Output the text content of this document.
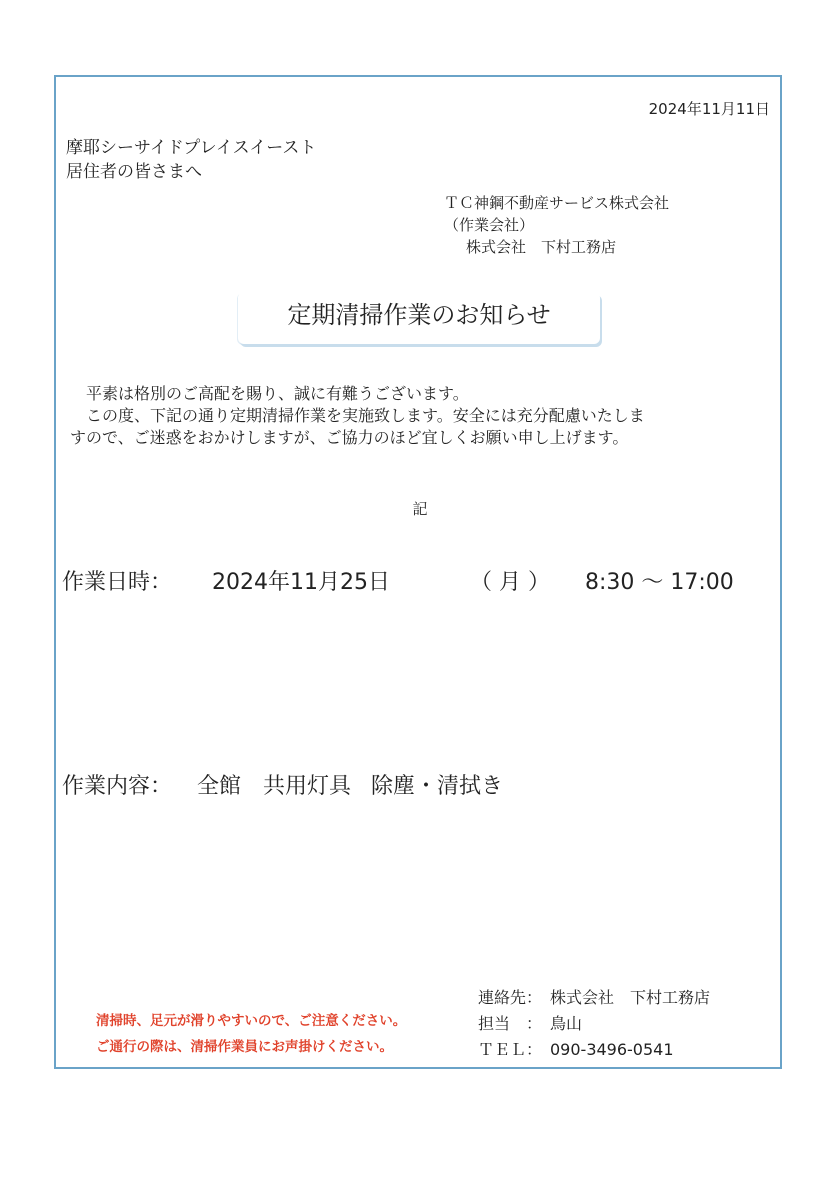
2024年11月11日
摩耶シーサイドプレイスイースト
居住者の皆さまへ
ＴＣ神鋼不動産サービス株式会社
（作業会社）
株式会社　下村工務店
定期清掃作業のお知らせ
平素は格別のご高配を賜り、誠に有難うございます。
この度、下記の通り定期清掃作業を実施致します。安全には充分配慮いたしま
すので、ご迷惑をおかけしますが、ご協力のほど宜しくお願い申し上げます。
記
作業日時： 2024年11月25日	（ 月 ） 8:30 ～ 17:00
作業内容： 全館 共用灯具 除塵・清拭き
清掃時、足元が滑りやすいので、ご注意ください。
ご通行の際は、清掃作業員にお声掛けください。
連絡先： 株式会社　下村工務店
担当　： 鳥山
ＴＥＬ： 090-3496-0541
